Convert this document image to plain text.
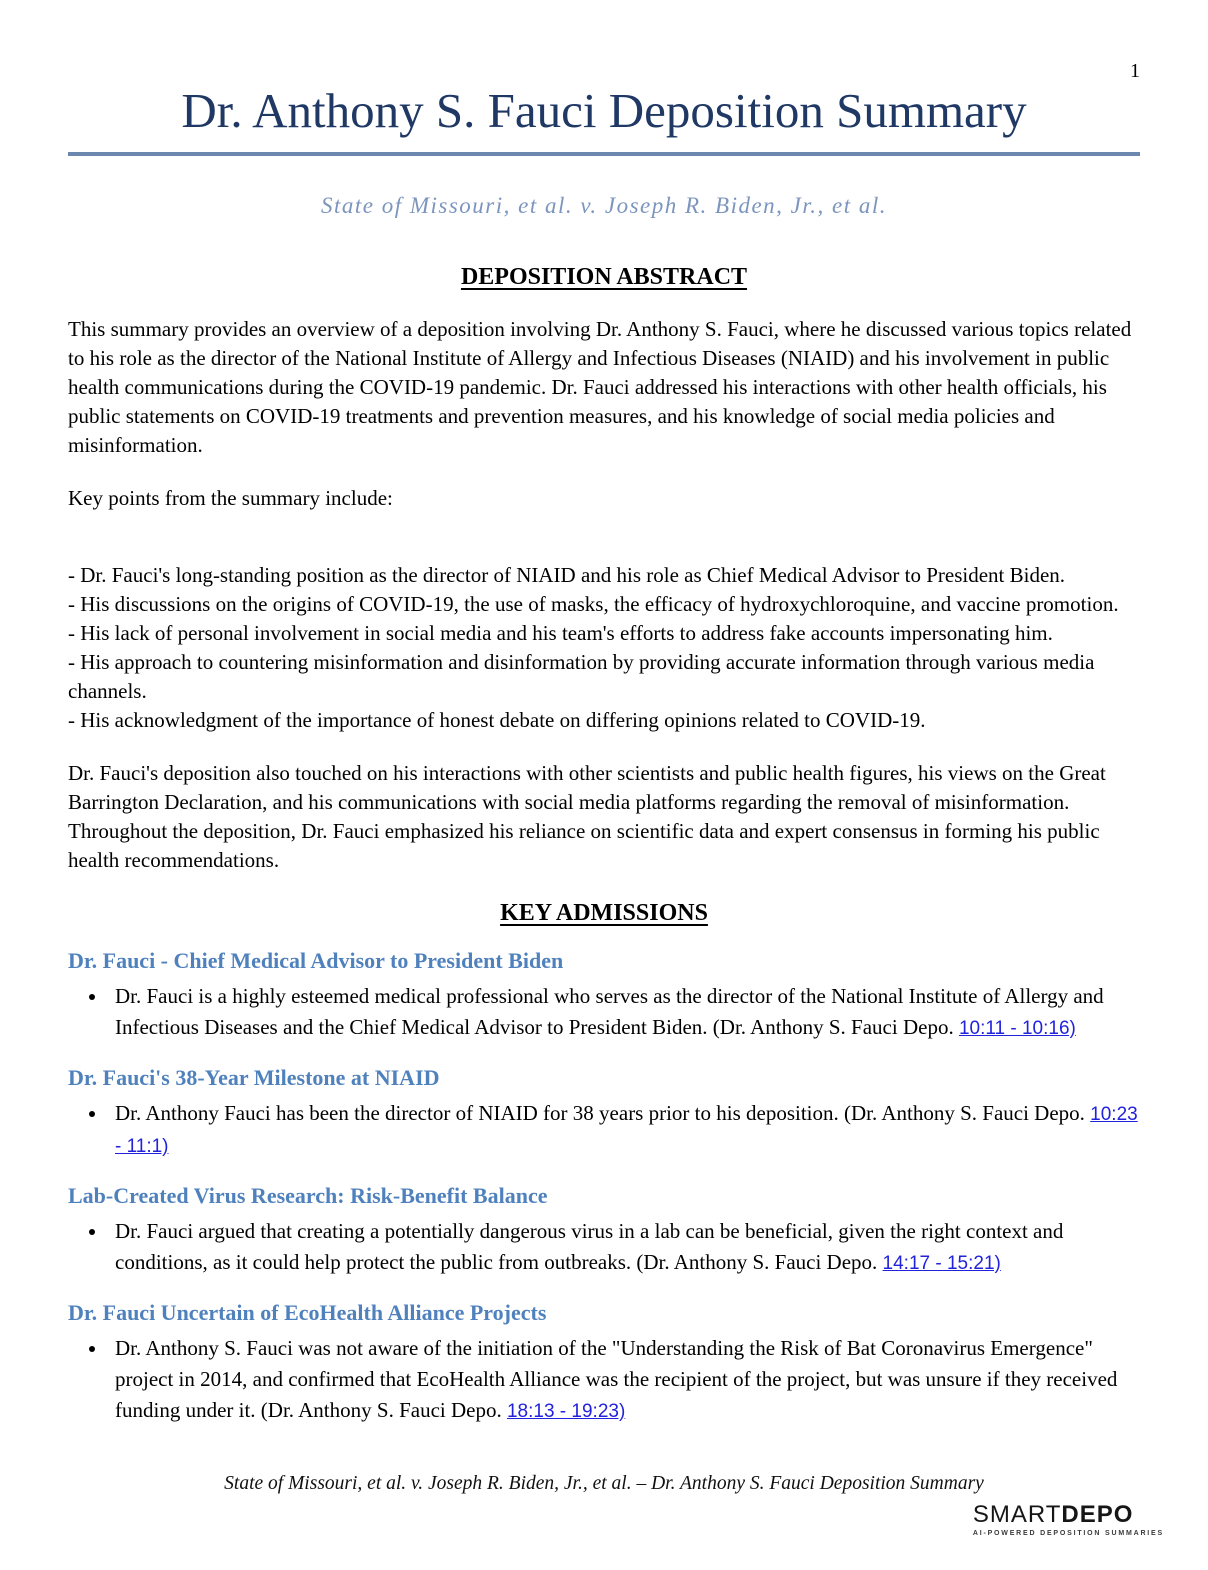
1
Dr. Anthony S. Fauci Deposition Summary
State of Missouri, et al. v. Joseph R. Biden, Jr., et al.
DEPOSITION ABSTRACT

This summary provides an overview of a deposition involving Dr. Anthony S. Fauci, where he discussed various topics related to his role as the director of the National Institute of Allergy and Infectious Diseases (NIAID) and his involvement in public health communications during the COVID-19 pandemic. Dr. Fauci addressed his interactions with other health officials, his public statements on COVID-19 treatments and prevention measures, and his knowledge of social media policies and misinformation.

Key points from the summary include:

- Dr. Fauci's long-standing position as the director of NIAID and his role as Chief Medical Advisor to President Biden.
- His discussions on the origins of COVID-19, the use of masks, the efficacy of hydroxychloroquine, and vaccine promotion.
- His lack of personal involvement in social media and his team's efforts to address fake accounts impersonating him.
- His approach to countering misinformation and disinformation by providing accurate information through various media channels.
- His acknowledgment of the importance of honest debate on differing opinions related to COVID-19.

Dr. Fauci's deposition also touched on his interactions with other scientists and public health figures, his views on the Great Barrington Declaration, and his communications with social media platforms regarding the removal of misinformation. Throughout the deposition, Dr. Fauci emphasized his reliance on scientific data and expert consensus in forming his public health recommendations.

KEY ADMISSIONS
Dr. Fauci - Chief Medical Advisor to President Biden
• Dr. Fauci is a highly esteemed medical professional who serves as the director of the National Institute of Allergy and Infectious Diseases and the Chief Medical Advisor to President Biden. (Dr. Anthony S. Fauci Depo. 10:11 - 10:16)
Dr. Fauci's 38-Year Milestone at NIAID
• Dr. Anthony Fauci has been the director of NIAID for 38 years prior to his deposition. (Dr. Anthony S. Fauci Depo. 10:23 - 11:1)
Lab-Created Virus Research: Risk-Benefit Balance
• Dr. Fauci argued that creating a potentially dangerous virus in a lab can be beneficial, given the right context and conditions, as it could help protect the public from outbreaks. (Dr. Anthony S. Fauci Depo. 14:17 - 15:21)
Dr. Fauci Uncertain of EcoHealth Alliance Projects
• Dr. Anthony S. Fauci was not aware of the initiation of the "Understanding the Risk of Bat Coronavirus Emergence" project in 2014, and confirmed that EcoHealth Alliance was the recipient of the project, but was unsure if they received funding under it. (Dr. Anthony S. Fauci Depo. 18:13 - 19:23)
State of Missouri, et al. v. Joseph R. Biden, Jr., et al. – Dr. Anthony S. Fauci Deposition Summary
SMARTDEPO
AI-POWERED DEPOSITION SUMMARIES
